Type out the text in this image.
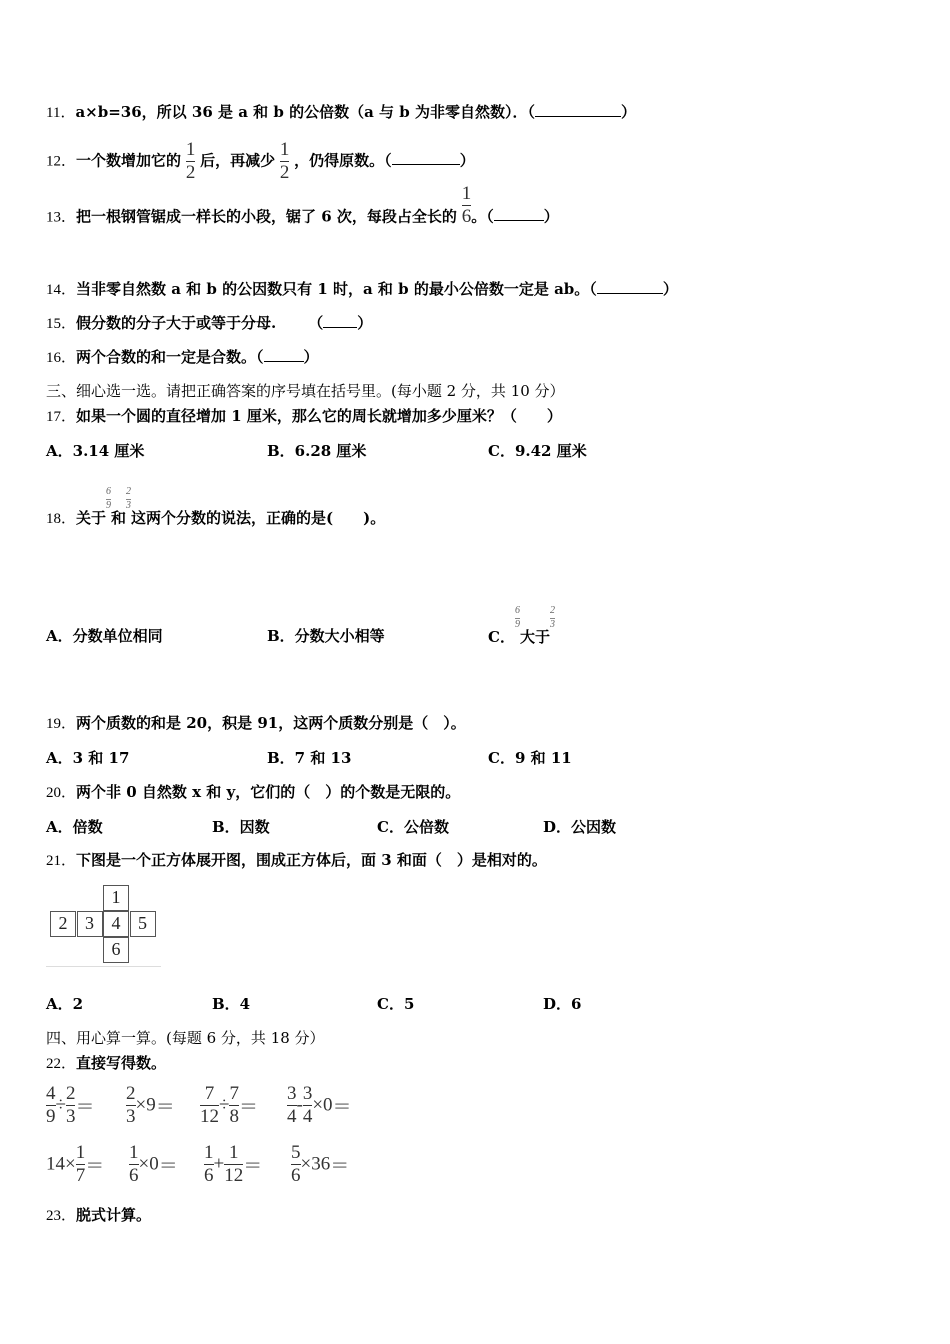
11．a×b=36，所以 36 是 a 和 b 的公倍数（a 与 b 为非零自然数）．（	）
12．一个数增加它的 $\frac{1}{2}$ 后，再减少 $\frac{1}{2}$ ，仍得原数。（	）
13．把一根钢管锯成一样长的小段，锯了 6 次，每段占全长的 $\frac{1}{6}$ 。（	）
14．当非零自然数 a 和 b 的公因数只有 1 时，a 和 b 的最小公倍数一定是 ab。（	）
15．假分数的分子大于或等于分母. （ ）
16．两个合数的和一定是合数。（	）
三、细心选一选。请把正确答案的序号填在括号里。(每小题 2 分，共 10 分）
17．如果一个圆的直径增加 1 厘米，那么它的周长就增加多少厘米？（　　）
A．3.14 厘米	B．6.28 厘米	C．9.42 厘米
18．关于
$\frac{6}{9}$
和
$\frac{2}{3}$
这两个分数的说法，正确的是(　　)。
A．分数单位相同	B．分数大小相等	C．
$\frac{6}{9}$
大于
$\frac{2}{3}$
19．两个质数的和是 20，积是 91，这两个质数分别是（　）。
A．3 和 17	B．7 和 13	C．9 和 11
20．两个非 0 自然数 x 和 y，它们的（　）的个数是无限的。
A．倍数	B．因数	C．公倍数	D．公因数
21．下图是一个正方体展开图，围成正方体后，面 3 和面（　）是相对的。
1
2 3 4 5
6
A．2	B．4	C．5	D．6
四、用心算一算。(每题 6 分，共 18 分）
22．直接写得数。
$\frac{4}{9} \div \frac{2}{3} = \frac{2}{3} \times 9= \frac{7}{12} \div \frac{7}{8} = \frac{3}{4} - \frac{3}{4} \times 0=$
$14\times \frac{1}{7} = \frac{1}{6} \times 0= \frac{1}{6} + \frac{1}{12} = \frac{5}{6} \times 36=$
23．脱式计算。
